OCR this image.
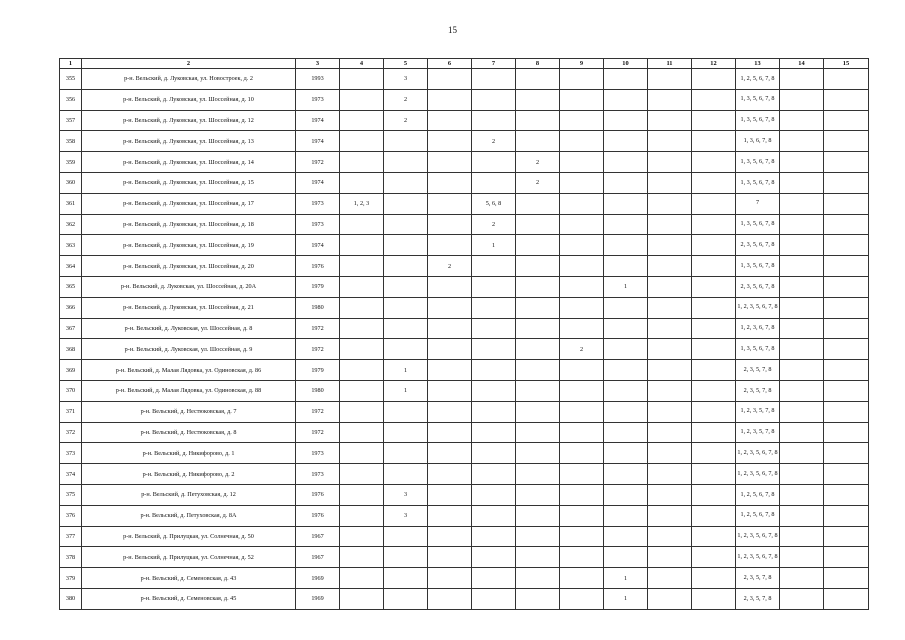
15
1	2	3	4	5	6	7	8	9	10	11	12	13	14	15
355	р-н. Вельский, д. Луковская, ул. Новостроек, д. 2	1993		3								1, 2, 5, 6, 7, 8		
356	р-н. Вельский, д. Луковская, ул. Шоссейная, д. 10	1973		2								1, 3, 5, 6, 7, 8		
357	р-н. Вельский, д. Луковская, ул. Шоссейная, д. 12	1974		2								1, 3, 5, 6, 7, 8		
358	р-н. Вельский, д. Луковская, ул. Шоссейная, д. 13	1974				2						1, 3, 6, 7, 8		
359	р-н. Вельский, д. Луковская, ул. Шоссейная, д. 14	1972					2					1, 3, 5, 6, 7, 8		
360	р-н. Вельский, д. Луковская, ул. Шоссейная, д. 15	1974					2					1, 3, 5, 6, 7, 8		
361	р-н. Вельский, д. Луковская, ул. Шоссейная, д. 17	1973	1, 2, 3			5, 6, 8						7		
362	р-н. Вельский, д. Луковская, ул. Шоссейная, д. 18	1973				2						1, 3, 5, 6, 7, 8		
363	р-н. Вельский, д. Луковская, ул. Шоссейная, д. 19	1974				1						2, 3, 5, 6, 7, 8		
364	р-н. Вельский, д. Луковская, ул. Шоссейная, д. 20	1976			2							1, 3, 5, 6, 7, 8		
365	р-н. Вельский, д. Луковская, ул. Шоссейная, д. 20А	1979							1			2, 3, 5, 6, 7, 8		
366	р-н. Вельский, д. Луковская, ул. Шоссейная, д. 21	1980										1, 2, 3, 5, 6, 7, 8		
367	р-н. Вельский, д. Луковская, ул. Шоссейная, д. 8	1972										1, 2, 3, 6, 7, 8		
368	р-н. Вельский, д. Луковская, ул. Шоссейная, д. 9	1972						2				1, 3, 5, 6, 7, 8		
369	р-н. Вельский, д. Малая Лядовка, ул. Одиновская, д. 86	1979		1								2, 3, 5, 7, 8		
370	р-н. Вельский, д. Малая Лядовка, ул. Одиновская, д. 88	1980		1								2, 3, 5, 7, 8		
371	р-н. Вельский, д. Нестюковская, д. 7	1972										1, 2, 3, 5, 7, 8		
372	р-н. Вельский, д. Нестюковская, д. 8	1972										1, 2, 3, 5, 7, 8		
373	р-н. Вельский, д. Никифорово, д. 1	1973										1, 2, 3, 5, 6, 7, 8		
374	р-н. Вельский, д. Никифорово, д. 2	1973										1, 2, 3, 5, 6, 7, 8		
375	р-н. Вельский, д. Петуховская, д. 12	1976		3								1, 2, 5, 6, 7, 8		
376	р-н. Вельский, д. Петуховская, д. 8А	1976		3								1, 2, 5, 6, 7, 8		
377	р-н. Вельский, д. Прилуцкая, ул. Солнечная, д. 50	1967										1, 2, 3, 5, 6, 7, 8		
378	р-н. Вельский, д. Прилуцкая, ул. Солнечная, д. 52	1967										1, 2, 3, 5, 6, 7, 8		
379	р-н. Вельский, д. Семеновская, д. 43	1969							1			2, 3, 5, 7, 8		
380	р-н. Вельский, д. Семеновская, д. 45	1969							1			2, 3, 5, 7, 8		
